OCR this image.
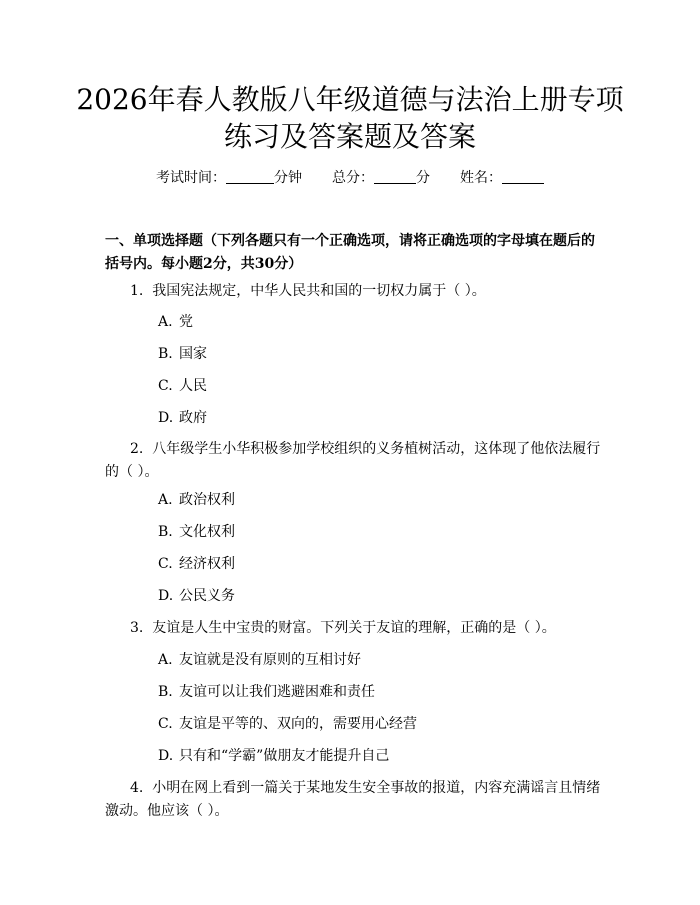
2026年春人教版八年级道德与法治上册专项
练习及答案题及答案
考试时间：	分钟 总分：	分 姓名：
一、单项选择题（下列各题只有一个正确选项，请将正确选项的字母填在题后的括号内。每小题2分，共30分）
1. 我国宪法规定，中华人民共和国的一切权力属于（ ）。
A. 党
B. 国家
C. 人民
D. 政府
2. 八年级学生小华积极参加学校组织的义务植树活动，这体现了他依法履行的（ ）。
A. 政治权利
B. 文化权利
C. 经济权利
D. 公民义务
3. 友谊是人生中宝贵的财富。下列关于友谊的理解，正确的是（ ）。
A. 友谊就是没有原则的互相讨好
B. 友谊可以让我们逃避困难和责任
C. 友谊是平等的、双向的，需要用心经营
D. 只有和“学霸”做朋友才能提升自己
4. 小明在网上看到一篇关于某地发生安全事故的报道，内容充满谣言且情绪激动。他应该（ ）。
